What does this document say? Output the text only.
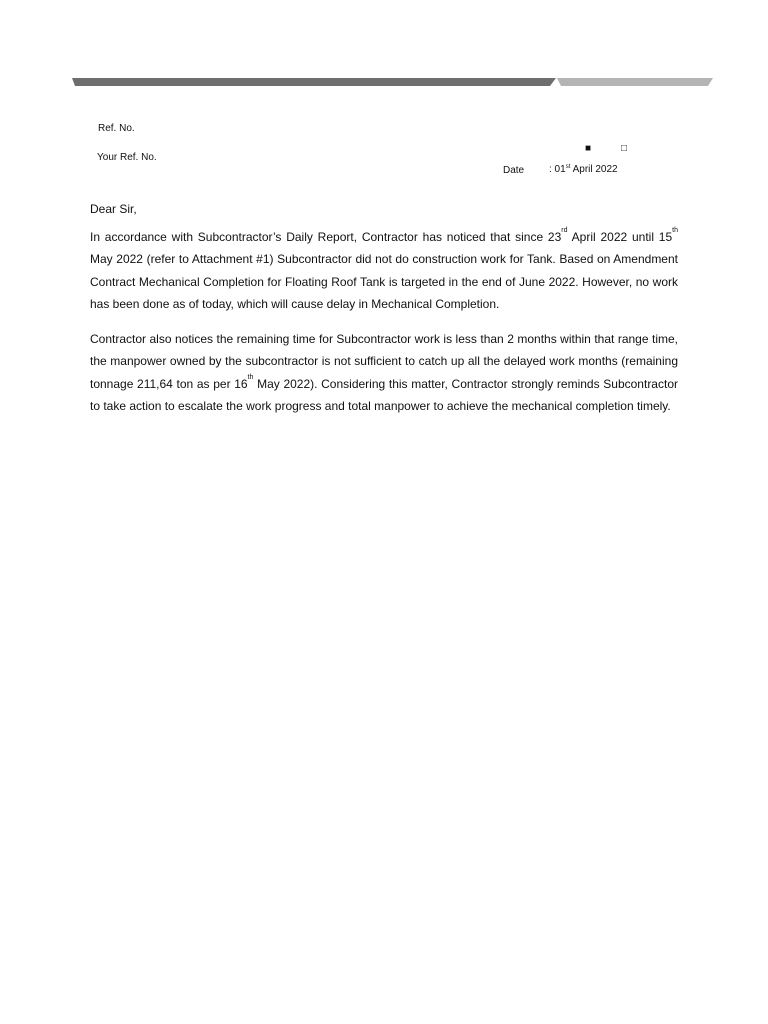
Ref. No.
Your Ref. No.
■	□
Date : 01st April 2022

Dear Sir,

In accordance with Subcontractor’s Daily Report, Contractor has noticed that since 23rd April 2022 until 15th May 2022 (refer to Attachment #1) Subcontractor did not do construction work for Tank. Based on Amendment Contract Mechanical Completion for Floating Roof Tank is targeted in the end of June 2022. However, no work has been done as of today, which will cause delay in Mechanical Completion.

Contractor also notices the remaining time for Subcontractor work is less than 2 months within that range time, the manpower owned by the subcontractor is not sufficient to catch up all the delayed work months (remaining tonnage 211,64 ton as per 16th May 2022). Considering this matter, Contractor strongly reminds Subcontractor to take action to escalate the work progress and total manpower to achieve the mechanical completion timely.
